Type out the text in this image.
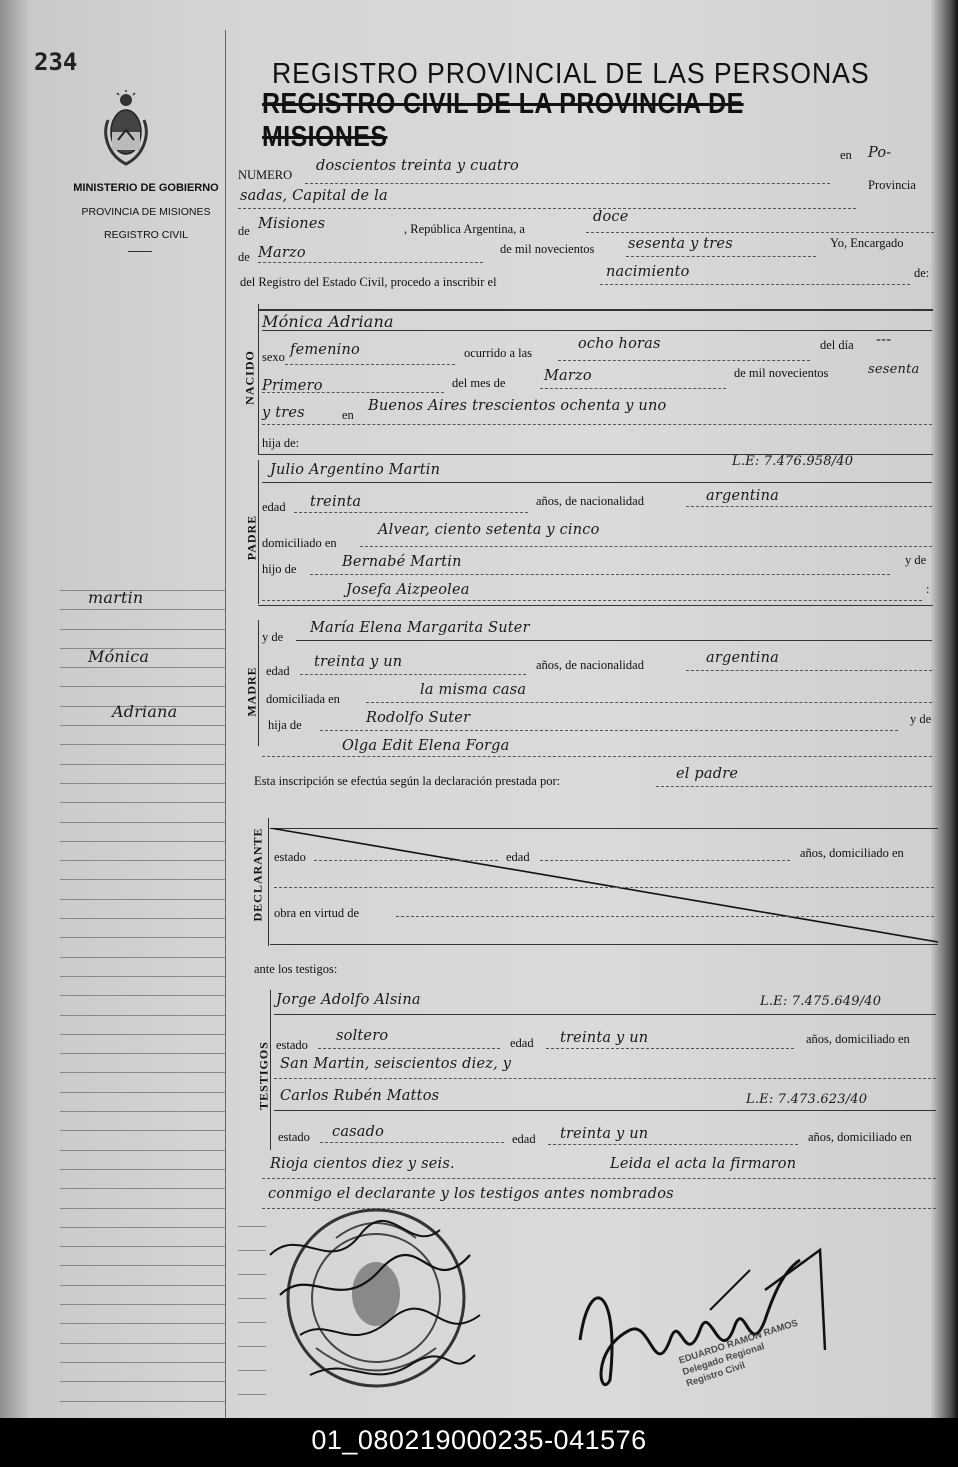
234
MINISTERIO DE GOBIERNO
PROVINCIA DE MISIONES
REGISTRO CIVIL
martin
Mónica
Adriana
REGISTRO PROVINCIAL DE LAS PERSONAS
REGISTRO CIVIL DE LA PROVINCIA DE MISIONES
NUMERO
doscientos treinta y cuatro
en Po-
sadas, Capital de la
Provincia
de Misiones	, República Argentina, a
doce
de Marzo	de mil novecientos sesenta y tres	Yo, Encargado
del Registro del Estado Civil, procedo a inscribir el
nacimiento	de:
NACIDO
Mónica Adriana
sexo femenino	ocurrido a las
ocho horas	del día ---
Primero	del mes de	Marzo	de mil novecientos	sesenta
y tres	en
Buenos Aires trescientos ochenta y uno
hija de:
PADRE
Julio Argentino Martin
L.E: 7.476.958/40
edad treinta	años, de nacionalidad	argentina
domiciliado en
Alvear, ciento setenta y cinco
hijo de	Bernabé Martin	y de
Josefa Aizpeolea	:
MADRE
y de
María Elena Margarita Suter
edad
treinta y un	años, de nacionalidad	argentina
domiciliada en
la misma casa
hija de	Rodolfo Suter	y de
Olga Edit Elena Forga
Esta inscripción se efectúa según la declaración prestada por:	el padre
DECLARANTE estado	edad	años, domiciliado en
obra en virtud de
ante los testigos:
TESTIGOS
Jorge Adolfo Alsina	L.E: 7.475.649/40
estado
soltero	edad treinta y un	años, domiciliado en
San Martin, seiscientos diez, y
Carlos Rubén Mattos	L.E: 7.473.623/40
estado casado	edad treinta y un	años, domiciliado en
Rioja cientos diez y seis.	Leida el acta la firmaron
conmigo el declarante y los testigos antes nombrados
EDUARDO RAMON RAMOS
Delegado Regional
Registro Civil
01_080219000235-041576
